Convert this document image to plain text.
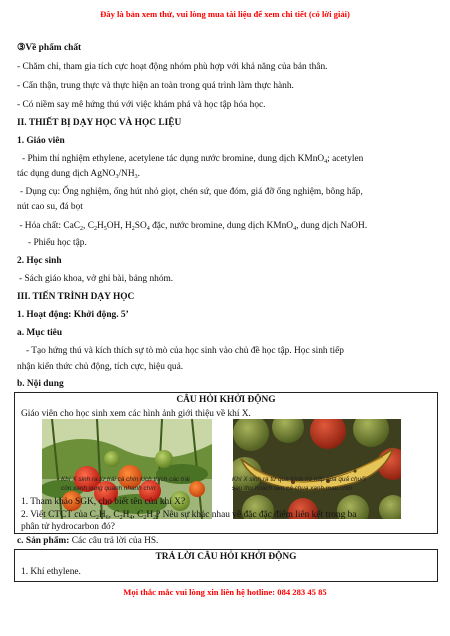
Đây là bản xem thử, vui lòng mua tài liệu để xem chi tiết (có lời giải)
③Về phẩm chất
- Chăm chỉ, tham gia tích cực hoạt động nhóm phù hợp với khả năng của bản thân.
- Cẩn thận, trung thực và thực hiện an toàn trong quá trình làm thực hành.
- Có niềm say mê hứng thú với việc khám phá và học tập hóa học.
II. THIẾT BỊ DẠY HỌC VÀ HỌC LIỆU
1. Giáo viên
- Phim thí nghiệm ethylene, acetylene tác dụng nước bromine, dung dịch KMnO$_4$; acetylen
tác dụng dung dịch $AgNO_3/NH_3$.
- Dụng cụ: Ống nghiệm, ống hút nhỏ giọt, chén sứ, que đóm, giá đỡ ống nghiệm, bông hấp,
nút cao su, đá bọt
- Hóa chất: CaC$_2$, $C_2H_5OH$, $H_2SO_4$ đặc, nước bromine, dung dịch KMnO$_4$, dung dịch NaOH.
- Phiếu học tập.
2. Học sinh
- Sách giáo khoa, vở ghi bài, bảng nhóm.
III. TIẾN TRÌNH DẠY HỌC
1. Hoạt động: Khởi động. 5’
a. Mục tiêu
- Tạo hứng thú và kích thích sự tò mò của học sinh vào chủ đề học tập. Học sinh tiếp
nhận kiến thức chủ động, tích cực, hiệu quả.
b. Nội dung
CÂU HỎI KHỞI ĐỘNG
Giáo viên cho học sinh xem các hình ảnh giới thiệu về khí X.
Khí X sinh ra từ trái cà chín kích thích các trái
còn xanh xung quanh nhanh chín
Khí X sinh ra từ quá trình hô hấp của quả chuối
sau thu hoạch làm cà chua xanh mau chín
1. Tham khảo SGK, cho biết tên của khí X?
2. Viết CTCT của $C_2H_6$, $C_2H_4$, $C_2H_2$? Nêu sự khác nhau về đặc đặc điểm liên kết trong ba
phân tử hydrocarbon đó?
c. Sản phẩm: Các câu trả lời của HS.
TRẢ LỜI CÂU HỎI KHỞI ĐỘNG
1. Khí ethylene.
Mọi thắc mắc vui lòng xin liên hệ hotline: 084 283 45 85
